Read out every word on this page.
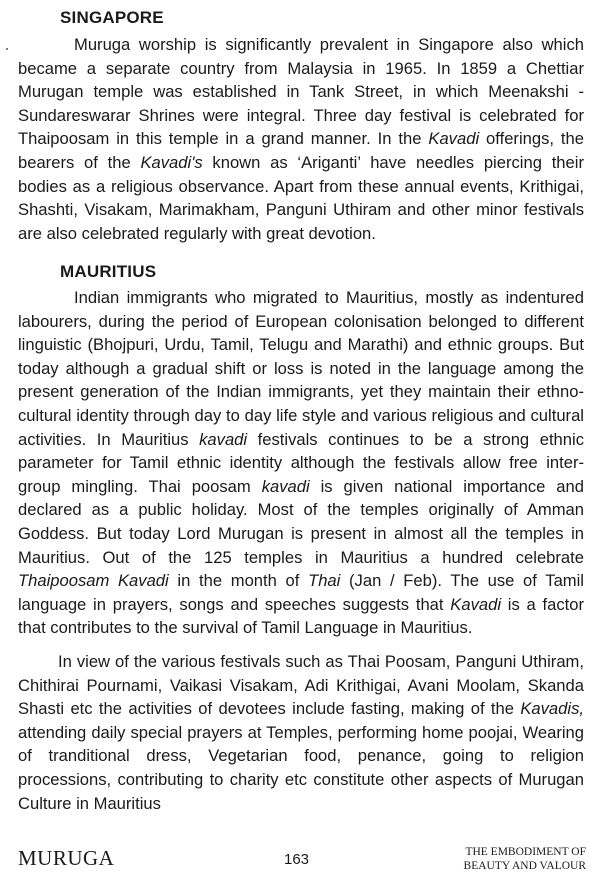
SINGAPORE

Muruga worship is significantly prevalent in Singapore also which became a separate country from Malaysia in 1965. In 1859 a Chettiar Murugan temple was established in Tank Street, in which Meenakshi - Sundareswarar Shrines were integral. Three day festival is celebrated for Thaipoosam in this temple in a grand manner. In the Kavadi offerings, the bearers of the Kavadi's known as ‘Ariganti’ have needles piercing their bodies as a religious observance. Apart from these annual events, Krithigai, Shashti, Visakam, Marimakham, Panguni Uthiram and other minor festivals are also celebrated regularly with great devotion.

MAURITIUS

Indian immigrants who migrated to Mauritius, mostly as indentured labourers, during the period of European colonisation belonged to different linguistic (Bhojpuri, Urdu, Tamil, Telugu and Marathi) and ethnic groups. But today although a gradual shift or loss is noted in the language among the present generation of the Indian immigrants, yet they maintain their ethno-cultural identity through day to day life style and various religious and cultural activities. In Mauritius kavadi festivals continues to be a strong ethnic parameter for Tamil ethnic identity although the festivals allow free inter-group mingling. Thai poosam kavadi is given national importance and declared as a public holiday. Most of the temples originally of Amman Goddess. But today Lord Murugan is present in almost all the temples in Mauritius. Out of the 125 temples in Mauritius a hundred celebrate Thaipoosam Kavadi in the month of Thai (Jan / Feb). The use of Tamil language in prayers, songs and speeches suggests that Kavadi is a factor that contributes to the survival of Tamil Language in Mauritius.

In view of the various festivals such as Thai Poosam, Panguni Uthiram, Chithirai Pournami, Vaikasi Visakam, Adi Krithigai, Avani Moolam, Skanda Shasti etc the activities of devotees include fasting, making of the Kavadis, attending daily special prayers at Temples, performing home poojai, Wearing of tranditional dress, Vegetarian food, penance, going to religion processions, contributing to charity etc constitute other aspects of Murugan Culture in Mauritius

MURUGA	163	THE EMBODIMENT OF
BEAUTY AND VALOUR
